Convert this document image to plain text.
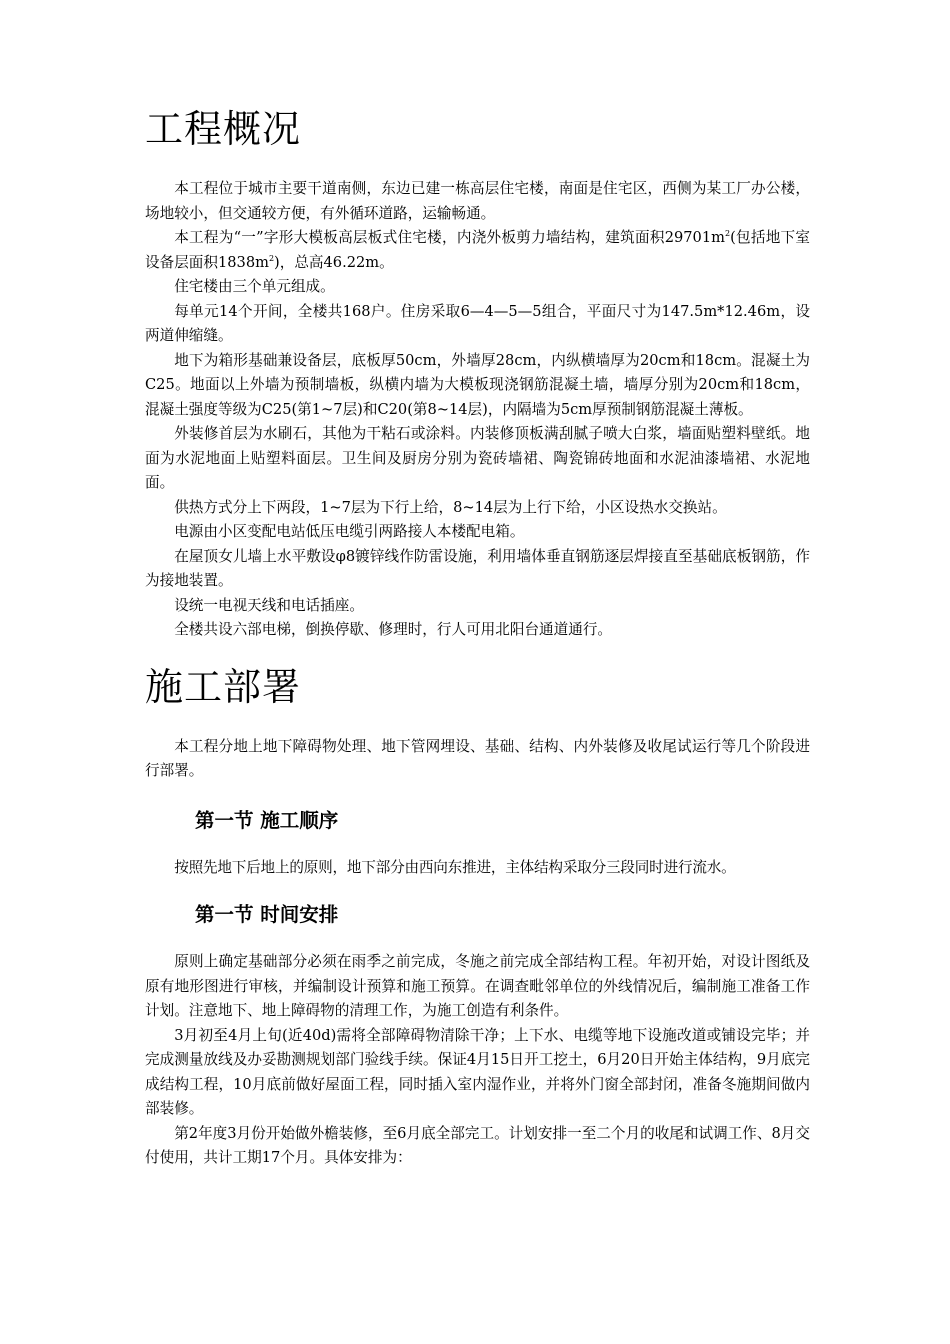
工程概况

本工程位于城市主要干道南侧，东边已建一栋高层住宅楼，南面是住宅区，西侧为某工厂办公楼，场地较小，但交通较方便，有外循环道路，运输畅通。

本工程为“一”字形大模板高层板式住宅楼，内浇外板剪力墙结构，建筑面积$29701m^2$(包括地下室设备层面积$1838m^2$)，总高46.22m。

住宅楼由三个单元组成。

每单元14个开间，全楼共168户。住房采取6—4—5—5组合，平面尺寸为147.5m*12.46m，设两道伸缩缝。

地下为箱形基础兼设备层，底板厚50cm，外墙厚28cm，内纵横墙厚为20cm和18cm。混凝土为C25。地面以上外墙为预制墙板，纵横内墙为大模板现浇钢筋混凝土墙，墙厚分别为20cm和18cm，混凝土强度等级为C25(第1~7层)和C20(第8~14层)，内隔墙为5cm厚预制钢筋混凝土薄板。

外装修首层为水刷石，其他为干粘石或涂料。内装修顶板满刮腻子喷大白浆，墙面贴塑料壁纸。地面为水泥地面上贴塑料面层。卫生间及厨房分别为瓷砖墙裙、陶瓷锦砖地面和水泥油漆墙裙、水泥地面。

供热方式分上下两段，1~7层为下行上给，8~14层为上行下给，小区设热水交换站。

电源由小区变配电站低压电缆引两路接人本楼配电箱。

在屋顶女儿墙上水平敷设φ8镀锌线作防雷设施，利用墙体垂直钢筋逐层焊接直至基础底板钢筋，作为接地装置。

设统一电视天线和电话插座。

全楼共设六部电梯，倒换停歇、修理时，行人可用北阳台通道通行。

施工部署

本工程分地上地下障碍物处理、地下管网埋设、基础、结构、内外装修及收尾试运行等几个阶段进行部署。

第一节 施工顺序

按照先地下后地上的原则，地下部分由西向东推进，主体结构采取分三段同时进行流水。

第一节 时间安排

原则上确定基础部分必须在雨季之前完成，冬施之前完成全部结构工程。年初开始，对设计图纸及原有地形图进行审核，并编制设计预算和施工预算。在调查毗邻单位的外线情况后，编制施工准备工作计划。注意地下、地上障碍物的清理工作，为施工创造有利条件。

3月初至4月上旬(近40d)需将全部障碍物清除干净；上下水、电缆等地下设施改道或铺设完毕；并完成测量放线及办妥勘测规划部门验线手续。保证4月15日开工挖土，6月20日开始主体结构，9月底完成结构工程，10月底前做好屋面工程，同时插入室内湿作业，并将外门窗全部封闭，准备冬施期间做内部装修。

第2年度3月份开始做外檐装修，至6月底全部完工。计划安排一至二个月的收尾和试调工作、8月交付使用，共计工期17个月。具体安排为：
